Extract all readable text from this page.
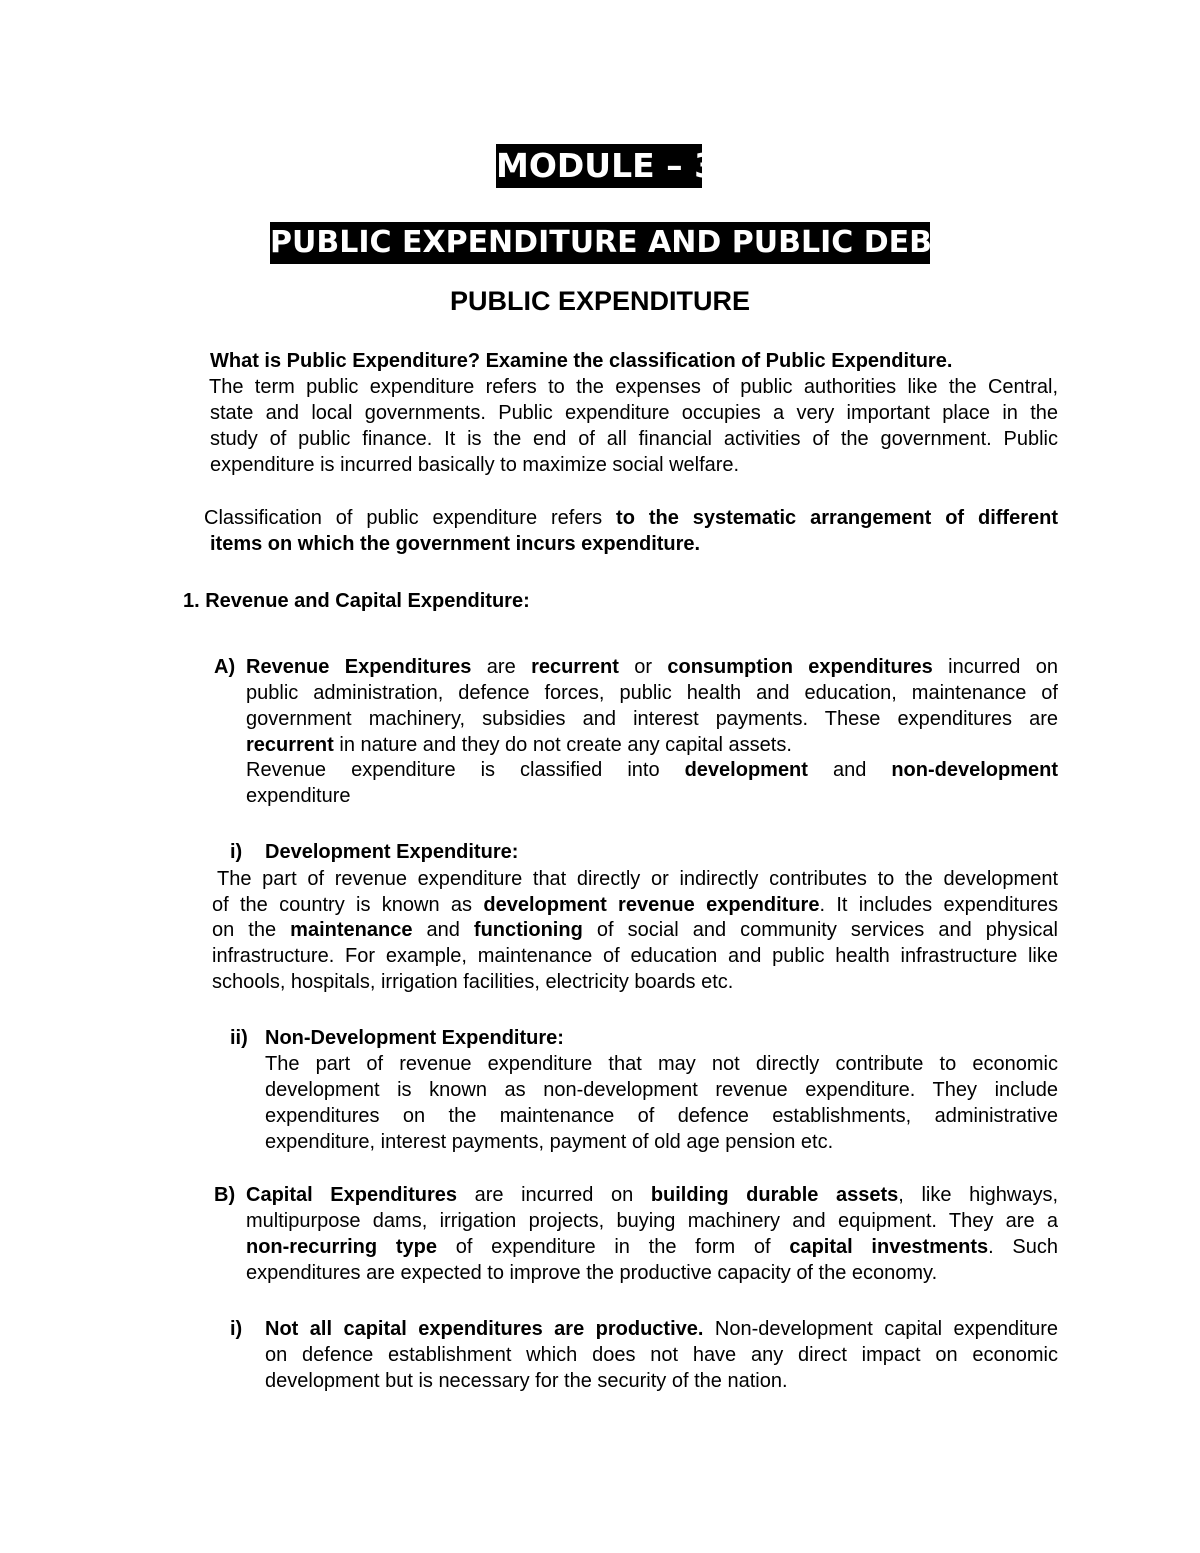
MODULE – 3
PUBLIC EXPENDITURE AND PUBLIC DEBT
PUBLIC EXPENDITURE
What is Public Expenditure? Examine the classification of Public Expenditure.
The term public expenditure refers to the expenses of public authorities like the Central,
state and local governments. Public expenditure occupies a very important place in the
study of public finance. It is the end of all financial activities of the government. Public
expenditure is incurred basically to maximize social welfare.
Classification of public expenditure refers to the systematic arrangement of different
items on which the government incurs expenditure.
1. Revenue and Capital Expenditure:
A) Revenue Expenditures are recurrent or consumption expenditures incurred on
public administration, defence forces, public health and education, maintenance of
government machinery, subsidies and interest payments. These expenditures are
recurrent in nature and they do not create any capital assets.
Revenue expenditure is classified into development and non-development
expenditure
i) Development Expenditure:
The part of revenue expenditure that directly or indirectly contributes to the development
of the country is known as development revenue expenditure. It includes expenditures
on the maintenance and functioning of social and community services and physical
infrastructure. For example, maintenance of education and public health infrastructure like
schools, hospitals, irrigation facilities, electricity boards etc.
ii) Non-Development Expenditure:
The part of revenue expenditure that may not directly contribute to economic
development is known as non-development revenue expenditure. They include
expenditures on the maintenance of defence establishments, administrative
expenditure, interest payments, payment of old age pension etc.
B) Capital Expenditures are incurred on building durable assets, like highways,
multipurpose dams, irrigation projects, buying machinery and equipment. They are a
non-recurring type of expenditure in the form of capital investments. Such
expenditures are expected to improve the productive capacity of the economy.
i) Not all capital expenditures are productive. Non-development capital expenditure
on defence establishment which does not have any direct impact on economic
development but is necessary for the security of the nation.
